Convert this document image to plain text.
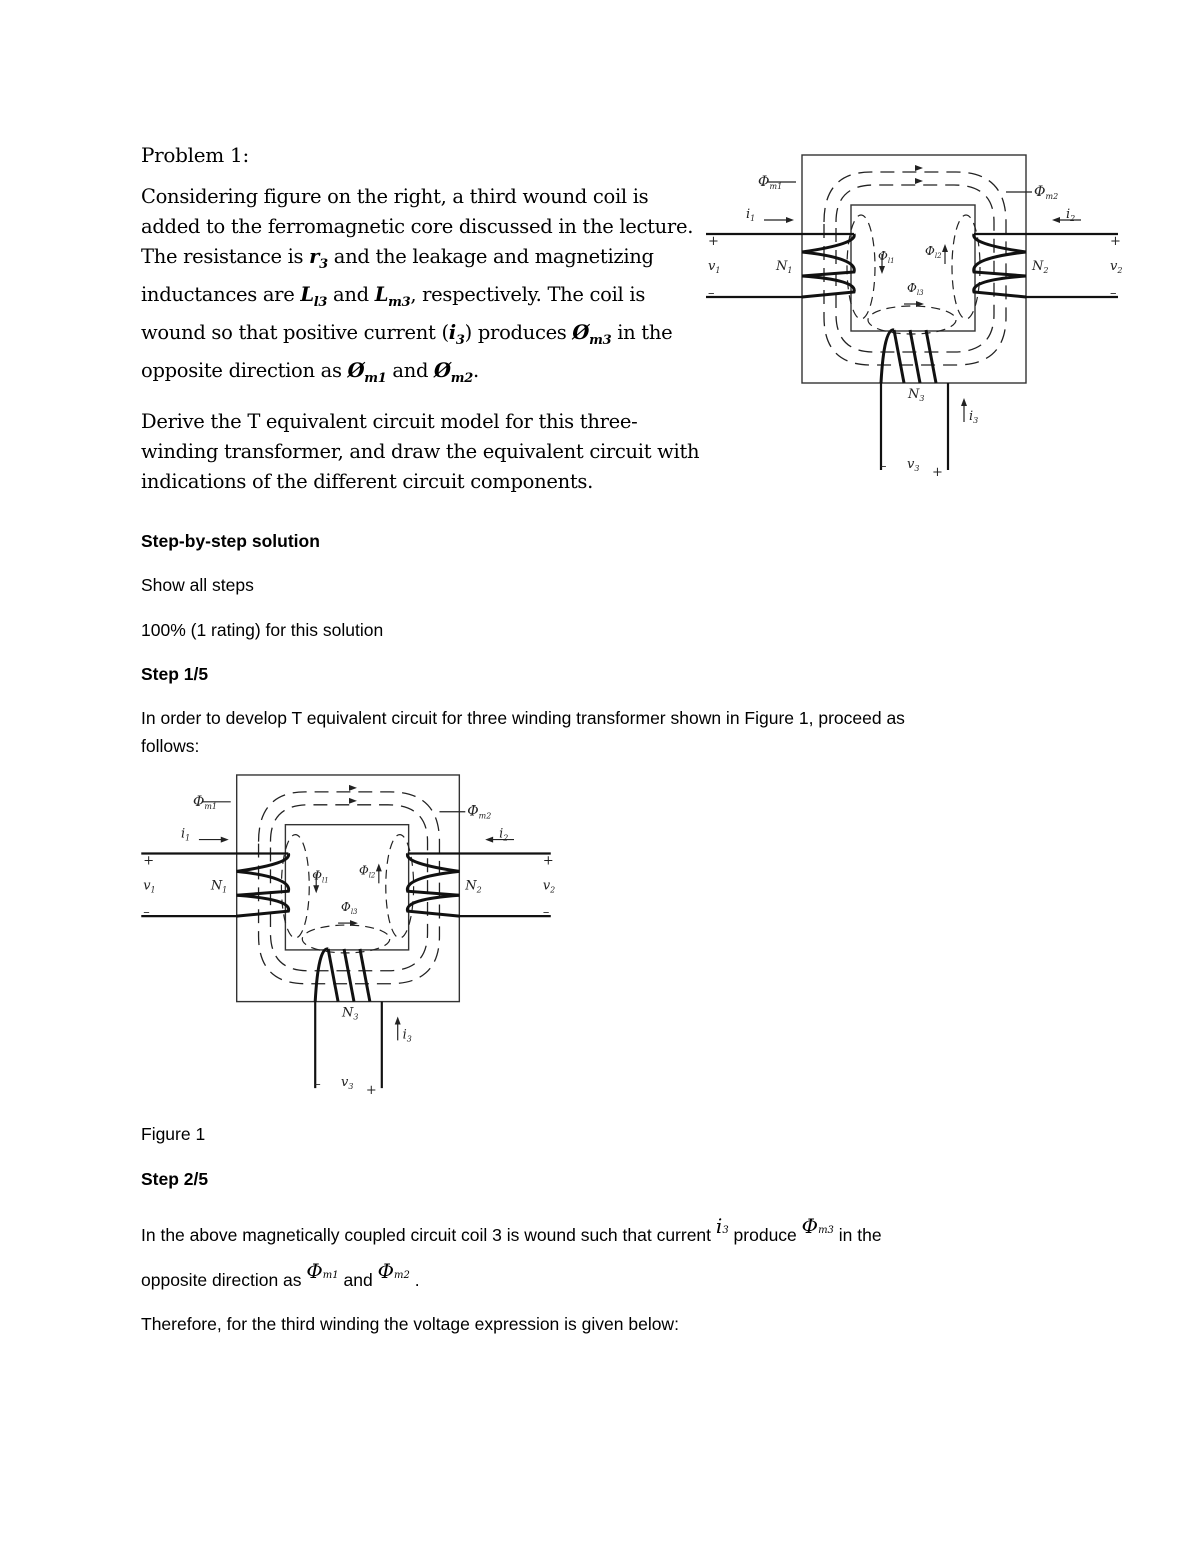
Problem 1:

Considering figure on the right, a third wound coil is added to the ferromagnetic core discussed in the lecture. The resistance is $r_3$ and the leakage and magnetizing inductances are $L_{l3}$ and $L_{m3}$, respectively. The coil is wound so that positive current $(i_3)$ produces $Ø_{m3}$ in the opposite direction as $Ø_{m1}$ and $Ø_{m2}$.

Derive the T equivalent circuit model for this three-winding transformer, and draw the equivalent circuit with indications of the different circuit components.

$\Phi_{m1}$	$\Phi_{m2}$
$i_1$	$i_2$
$i_3$
$v_1$	$v_2$
$v_3$
$N_1$	$N_2$
$N_3$
$\Phi_{l1}$
$\Phi_{l2}$
$\Phi_{l3}$
+
–
+
–
–	+
Step-by-step solution
Show all steps
100% (1 rating) for this solution
Step 1/5
In order to develop T equivalent circuit for three winding transformer shown in Figure 1, proceed as
follows:
Figure 1
Step 2/5
In the above magnetically coupled circuit coil 3 is wound such that current i3 produce Φm3 in the
opposite direction as Φm1 and Φm2 .
Therefore, for the third winding the voltage expression is given below:
$\Phi_{m1}$	$\Phi_{m2}$
$i_1$	$i_2$
$i_3$
$v_1$	$v_2$
$v_3$
$N_1$	$N_2$
$N_3$
$\Phi_{l1}$
$\Phi_{l2}$
$\Phi_{l3}$
+
–
+
–
–	+
